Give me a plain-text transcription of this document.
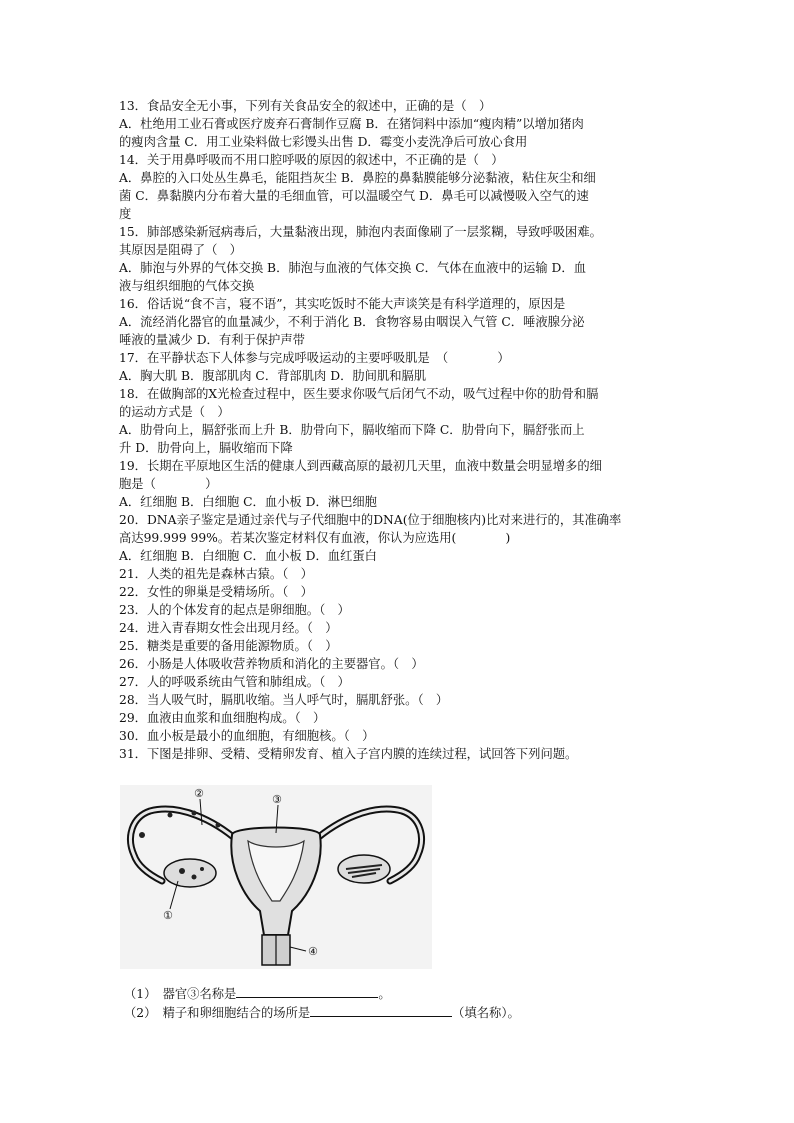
13．食品安全无小事，下列有关食品安全的叙述中，正确的是（　）
A．杜绝用工业石膏或医疗废弃石膏制作豆腐 B．在猪饲料中添加“瘦肉精”以增加猪肉
的瘦肉含量 C．用工业染料做七彩馒头出售 D．霉变小麦洗净后可放心食用
14．关于用鼻呼吸而不用口腔呼吸的原因的叙述中，不正确的是（　）
A．鼻腔的入口处丛生鼻毛，能阻挡灰尘 B．鼻腔的鼻黏膜能够分泌黏液，粘住灰尘和细
菌 C．鼻黏膜内分布着大量的毛细血管，可以温暖空气 D．鼻毛可以减慢吸入空气的速
度
15．肺部感染新冠病毒后，大量黏液出现，肺泡内表面像刷了一层浆糊，导致呼吸困难。
其原因是阻碍了（　）
A．肺泡与外界的气体交换 B．肺泡与血液的气体交换 C．气体在血液中的运输 D．血
液与组织细胞的气体交换
16．俗话说“食不言，寝不语”，其实吃饭时不能大声谈笑是有科学道理的，原因是
A．流经消化器官的血量减少，不利于消化 B．食物容易由咽误入气管 C．唾液腺分泌
唾液的量减少 D．有利于保护声带
17．在平静状态下人体参与完成呼吸运动的主要呼吸肌是　（　　　　）
A．胸大肌 B．腹部肌肉 C．背部肌肉 D．肋间肌和膈肌
18．在做胸部的X光检查过程中，医生要求你吸气后闭气不动，吸气过程中你的肋骨和膈
的运动方式是（　）
A．肋骨向上，膈舒张而上升 B．肋骨向下，膈收缩而下降 C．肋骨向下，膈舒张而上
升 D．肋骨向上，膈收缩而下降
19．长期在平原地区生活的健康人到西藏高原的最初几天里，血液中数量会明显增多的细
胞是（　　　　）
A．红细胞 B．白细胞 C．血小板 D．淋巴细胞
20．DNA亲子鉴定是通过亲代与子代细胞中的DNA(位于细胞核内)比对来进行的，其准确率
高达99.999 99%。若某次鉴定材料仅有血液，你认为应选用(　　　　)
A．红细胞 B．白细胞 C．血小板 D．血红蛋白
21．人类的祖先是森林古猿。（　）
22．女性的卵巢是受精场所。（　）
23．人的个体发育的起点是卵细胞。（　）
24．进入青春期女性会出现月经。（　）
25．糖类是重要的备用能源物质。（　）
26．小肠是人体吸收营养物质和消化的主要器官。（　）
27．人的呼吸系统由气管和肺组成。（　）
28．当人吸气时，膈肌收缩。当人呼气时，膈肌舒张。（　）
29．血液由血浆和血细胞构成。（　）
30．血小板是最小的血细胞，有细胞核。（　）
31．下图是排卵、受精、受精卵发育、植入子宫内膜的连续过程，试回答下列问题。
②	③
①
④
（1）　器官③名称是	。
（2）　精子和卵细胞结合的场所是	（填名称）。
